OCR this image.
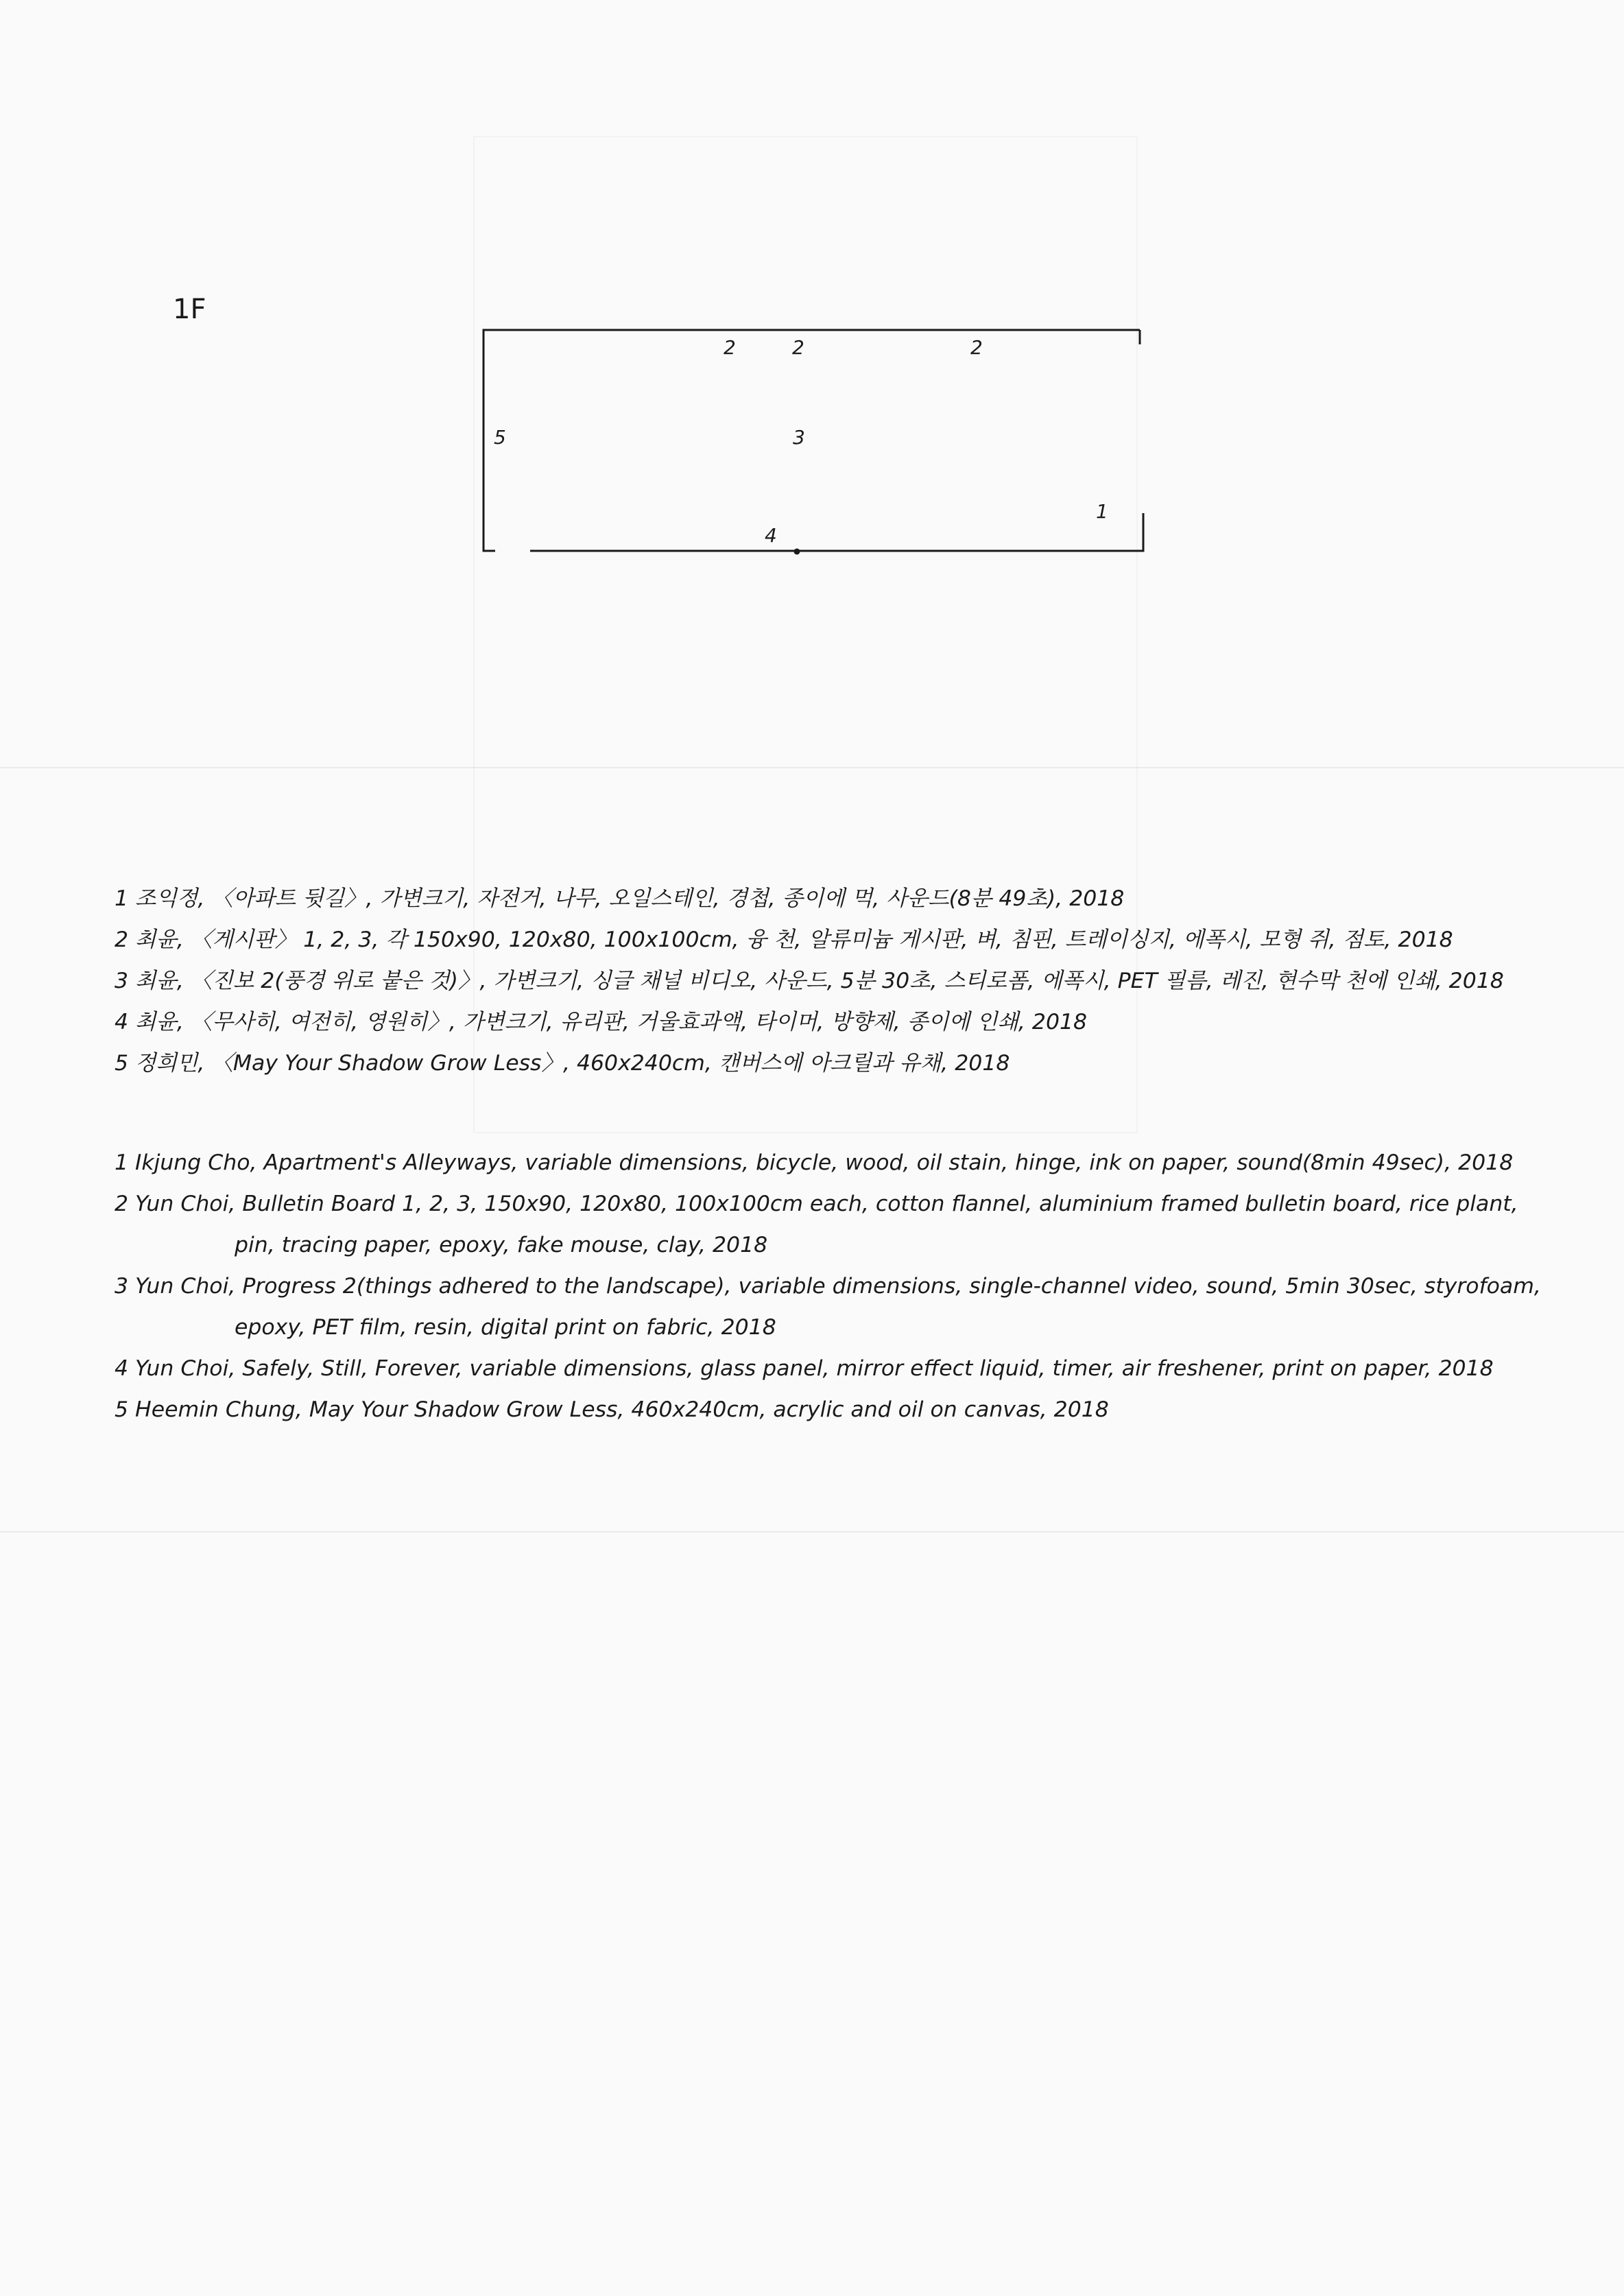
1F
2	2	2
5	3
1
4
1 조익정, 〈아파트 뒷길〉, 가변크기, 자전거, 나무, 오일스테인, 경첩, 종이에 먹, 사운드(8분 49초), 2018
2 최윤, 〈게시판〉 1, 2, 3, 각 150x90, 120x80, 100x100cm, 융 천, 알류미늄 게시판, 벼, 침핀, 트레이싱지, 에폭시, 모형 쥐, 점토, 2018
3 최윤, 〈진보 2(풍경 위로 붙은 것)〉, 가변크기, 싱글 채널 비디오, 사운드, 5분 30초, 스티로폼, 에폭시, PET 필름, 레진, 현수막 천에 인쇄, 2018
4 최윤, 〈무사히, 여전히, 영원히〉, 가변크기, 유리판, 거울효과액, 타이머, 방향제, 종이에 인쇄, 2018
5 정희민, 〈May Your Shadow Grow Less〉, 460x240cm, 캔버스에 아크릴과 유채, 2018
1 Ikjung Cho, Apartment's Alleyways, variable dimensions, bicycle, wood, oil stain, hinge, ink on paper, sound(8min 49sec), 2018
2 Yun Choi, Bulletin Board 1, 2, 3, 150x90, 120x80, 100x100cm each, cotton flannel, aluminium framed bulletin board, rice plant,
pin, tracing paper, epoxy, fake mouse, clay, 2018
3 Yun Choi, Progress 2(things adhered to the landscape), variable dimensions, single-channel video, sound, 5min 30sec, styrofoam,
epoxy, PET film, resin, digital print on fabric, 2018
4 Yun Choi, Safely, Still, Forever, variable dimensions, glass panel, mirror effect liquid, timer, air freshener, print on paper, 2018
5 Heemin Chung, May Your Shadow Grow Less, 460x240cm, acrylic and oil on canvas, 2018
